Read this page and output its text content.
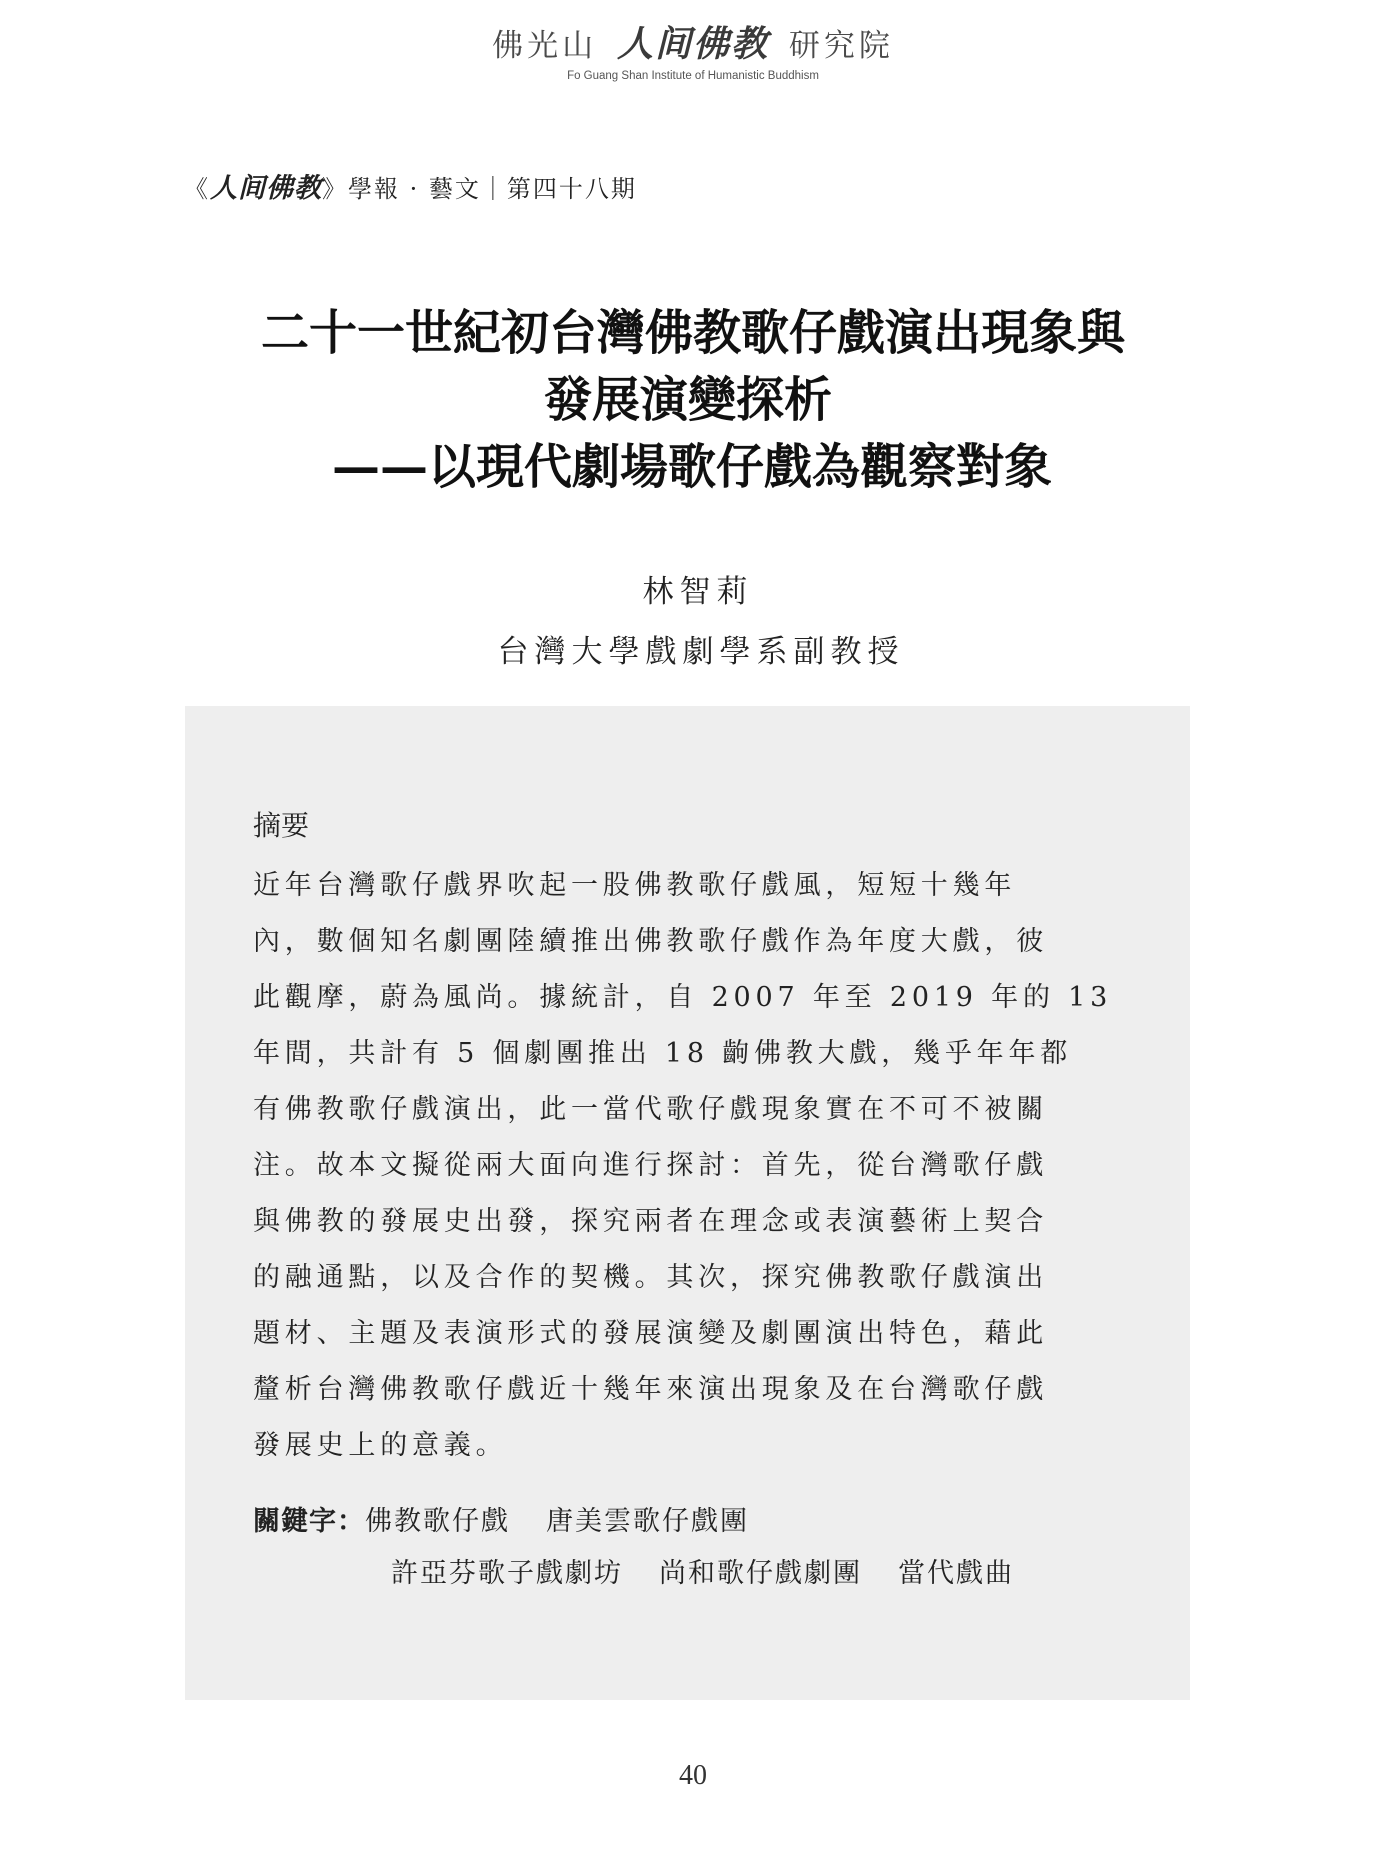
佛光山 人间佛教 研究院
Fo Guang Shan Institute of Humanistic Buddhism
《人间佛教》學報 · 藝文｜第四十八期
二十一世紀初台灣佛教歌仔戲演出現象與
發展演變探析
——以現代劇場歌仔戲為觀察對象
林智莉
台灣大學戲劇學系副教授
摘要

近年台灣歌仔戲界吹起一股佛教歌仔戲風，短短十幾年

內，數個知名劇團陸續推出佛教歌仔戲作為年度大戲，彼

此觀摩，蔚為風尚。據統計，自 2007 年至 2019 年的 13

年間，共計有 5 個劇團推出 18 齣佛教大戲，幾乎年年都

有佛教歌仔戲演出，此一當代歌仔戲現象實在不可不被關

注。故本文擬從兩大面向進行探討：首先，從台灣歌仔戲

與佛教的發展史出發，探究兩者在理念或表演藝術上契合

的融通點，以及合作的契機。其次，探究佛教歌仔戲演出

題材、主題及表演形式的發展演變及劇團演出特色，藉此

釐析台灣佛教歌仔戲近十幾年來演出現象及在台灣歌仔戲

發展史上的意義。

關鍵字：佛教歌仔戲 唐美雲歌仔戲團
許亞芬歌子戲劇坊 尚和歌仔戲劇團 當代戲曲
40
